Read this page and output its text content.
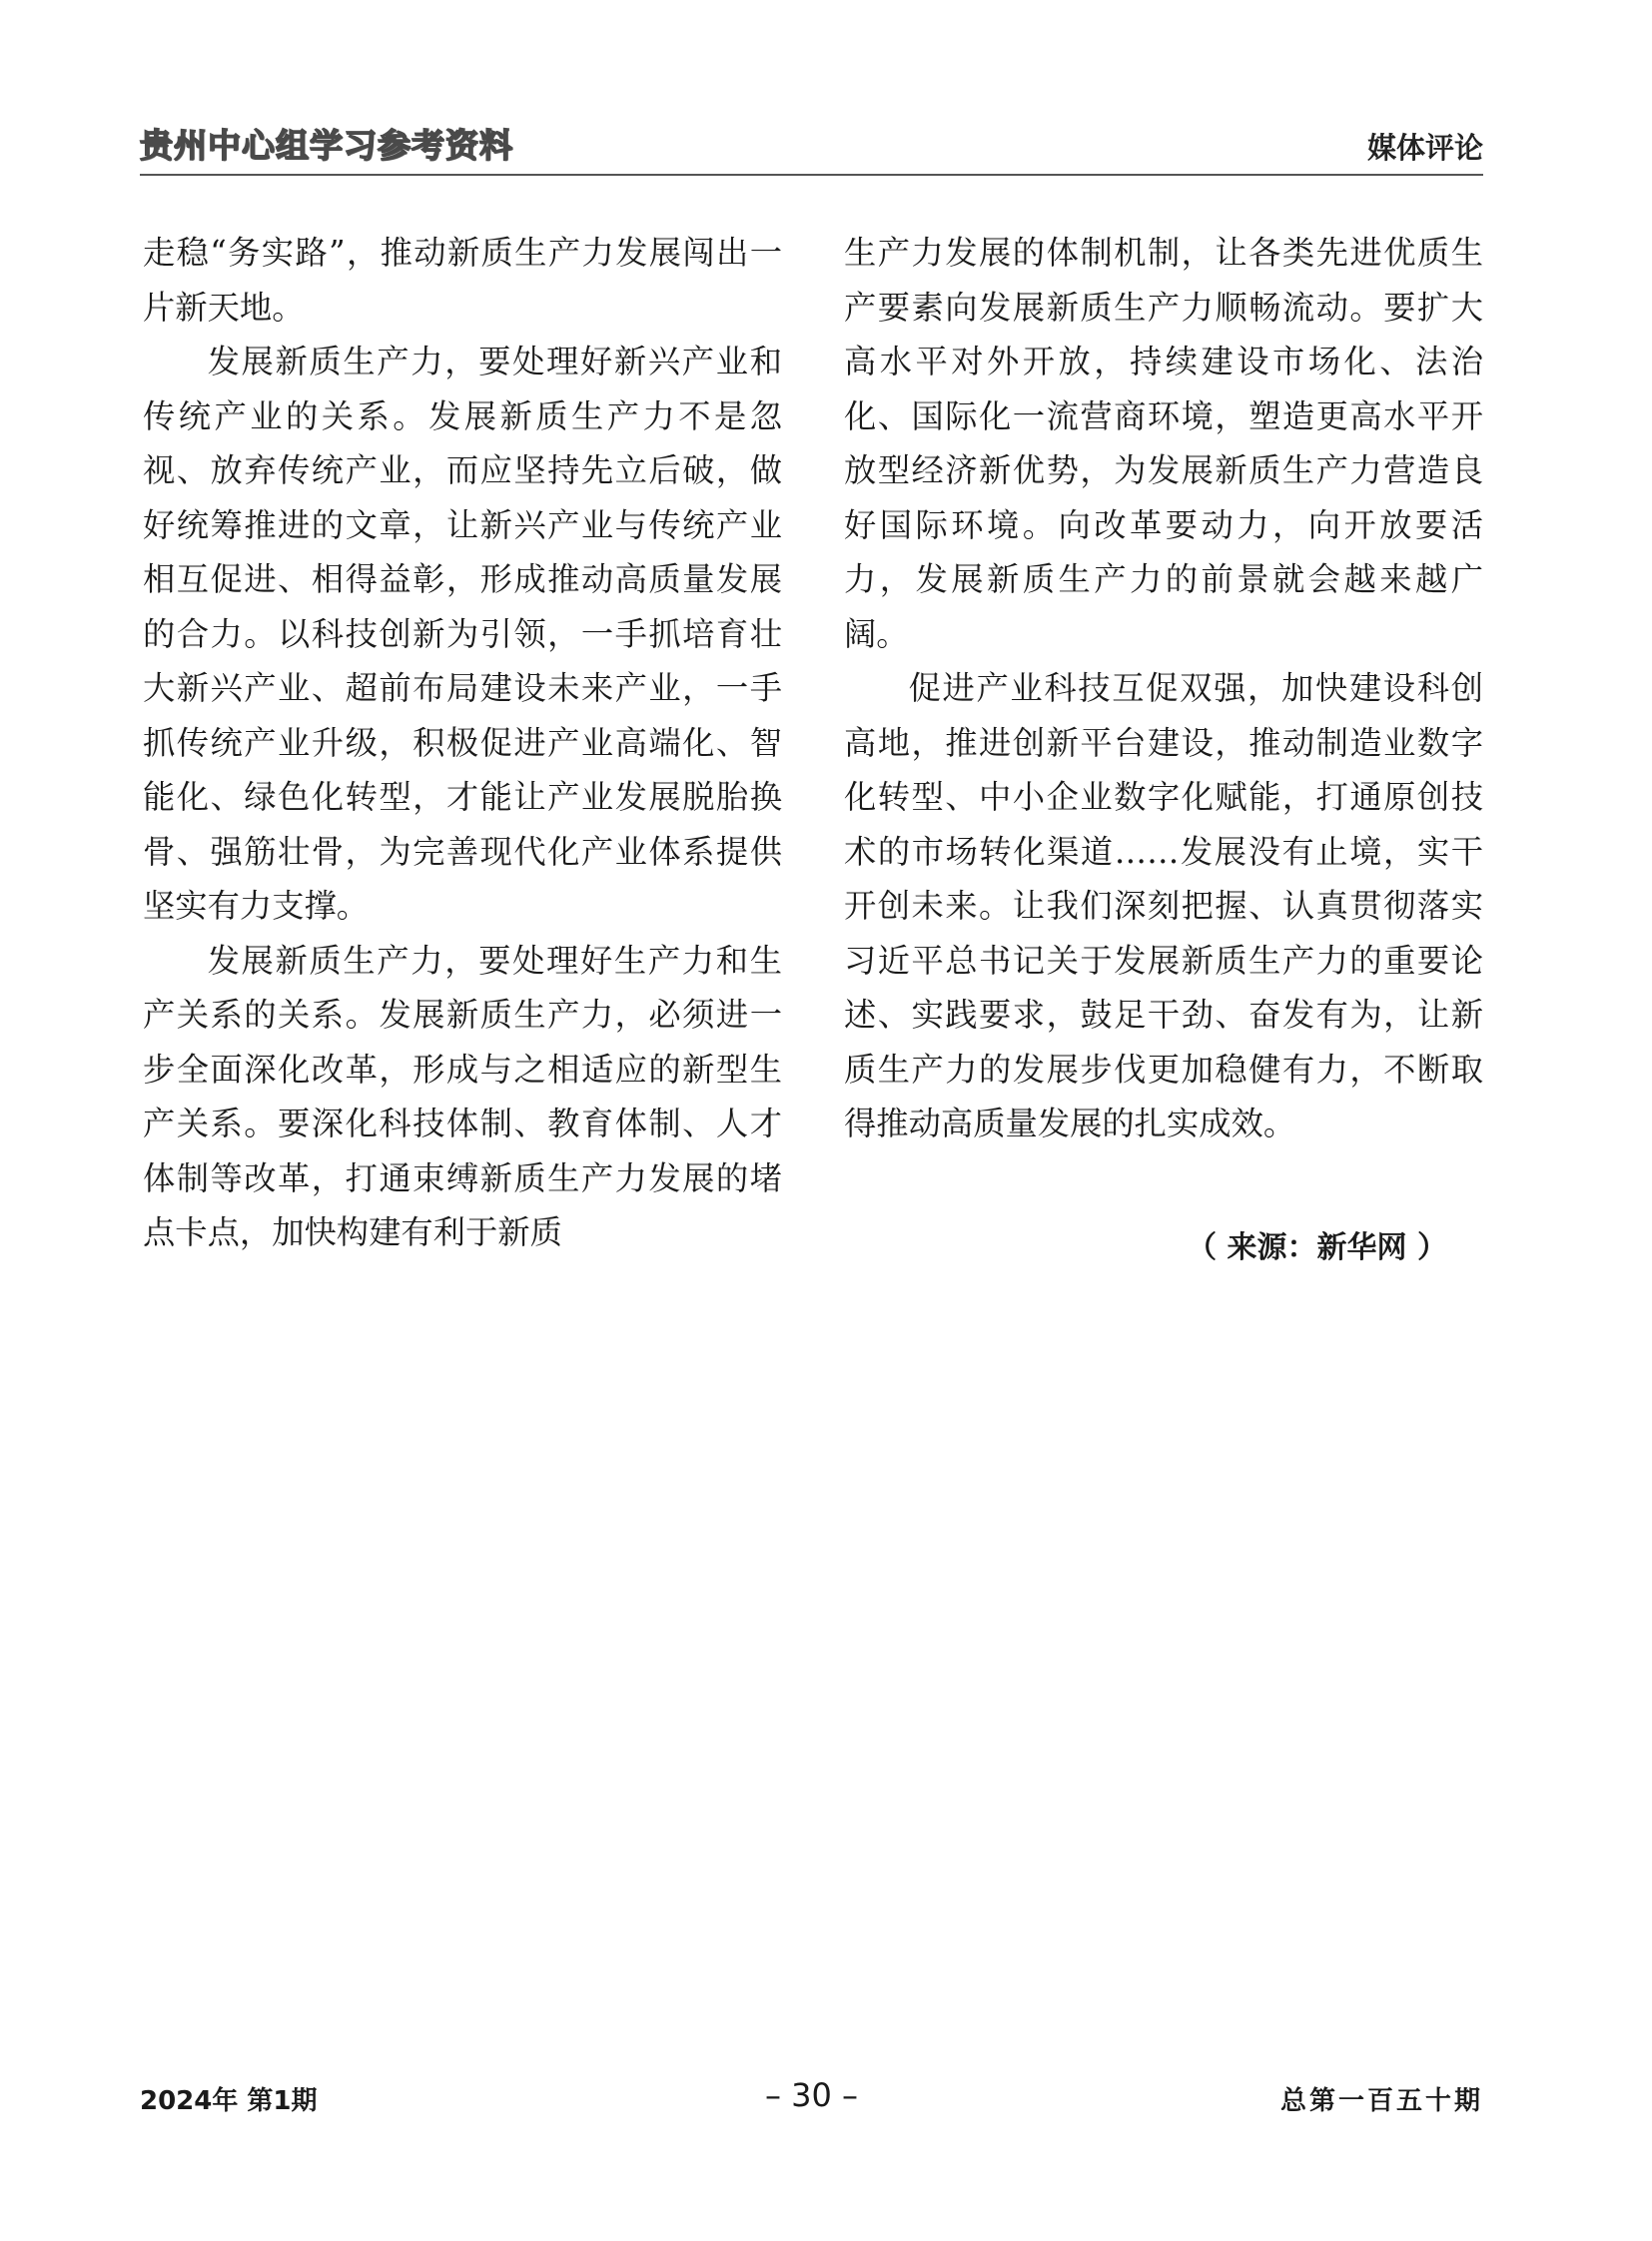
贵州中心组学习参考资料	媒体评论

走稳“务实路”，推动新质生产力发展闯出一片新天地。

发展新质生产力，要处理好新兴产业和传统产业的关系。发展新质生产力不是忽视、放弃传统产业，而应坚持先立后破，做好统筹推进的文章，让新兴产业与传统产业相互促进、相得益彰，形成推动高质量发展的合力。以科技创新为引领，一手抓培育壮大新兴产业、超前布局建设未来产业，一手抓传统产业升级，积极促进产业高端化、智能化、绿色化转型，才能让产业发展脱胎换骨、强筋壮骨，为完善现代化产业体系提供坚实有力支撑。

发展新质生产力，要处理好生产力和生产关系的关系。发展新质生产力，必须进一步全面深化改革，形成与之相适应的新型生产关系。要深化科技体制、教育体制、人才体制等改革，打通束缚新质生产力发展的堵点卡点，加快构建有利于新质

生产力发展的体制机制，让各类先进优质生产要素向发展新质生产力顺畅流动。要扩大高水平对外开放，持续建设市场化、法治化、国际化一流营商环境，塑造更高水平开放型经济新优势，为发展新质生产力营造良好国际环境。向改革要动力，向开放要活力，发展新质生产力的前景就会越来越广阔。

促进产业科技互促双强，加快建设科创高地，推进创新平台建设，推动制造业数字化转型、中小企业数字化赋能，打通原创技术的市场转化渠道……发展没有止境，实干开创未来。让我们深刻把握、认真贯彻落实习近平总书记关于发展新质生产力的重要论述、实践要求，鼓足干劲、奋发有为，让新质生产力的发展步伐更加稳健有力，不断取得推动高质量发展的扎实成效。

（ 来源：新华网 ）
2024年 第1期	– 30 –	总第一百五十期
